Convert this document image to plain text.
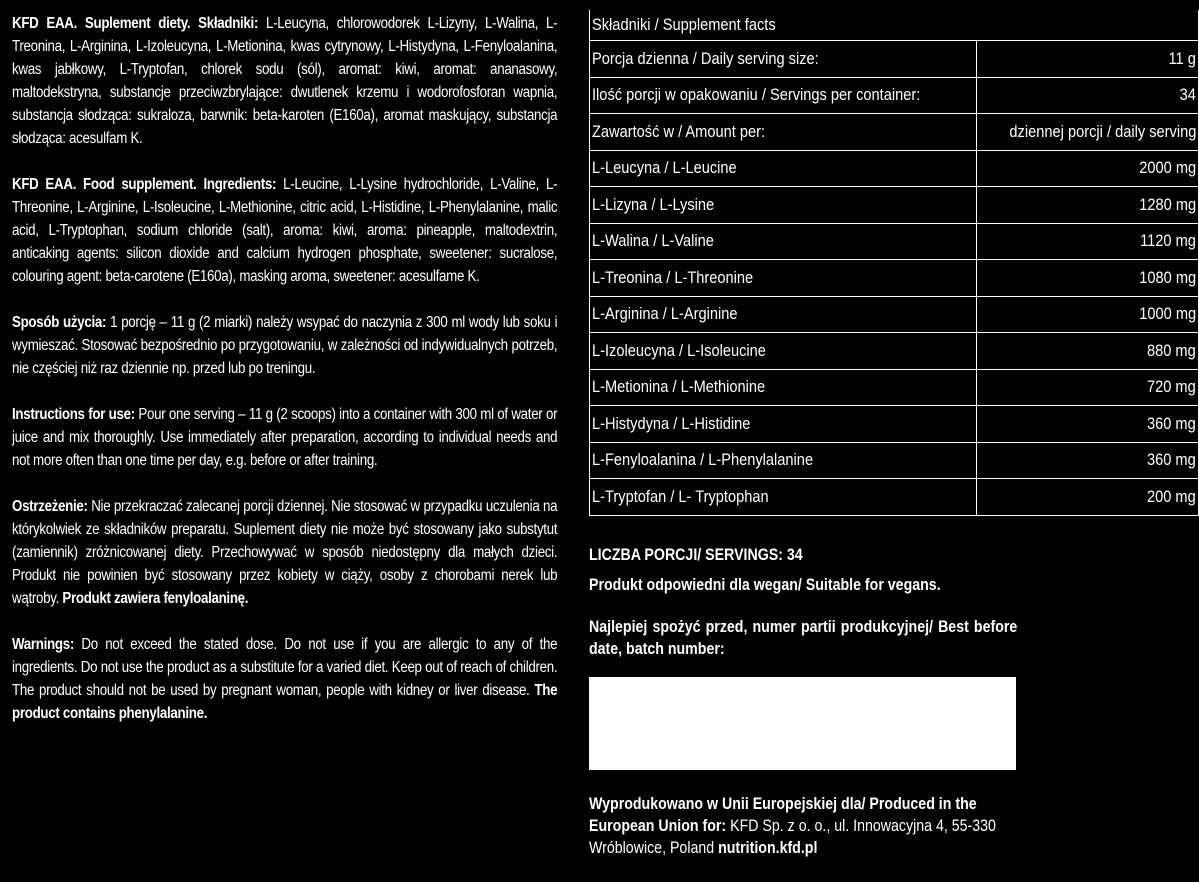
KFD EAA. Suplement diety. Składniki: L-Leucyna, chlorowodorek L-Lizyny, L-Walina, L-Treonina, L-Arginina, L-Izoleucyna, L-Metionina, kwas cytrynowy, L-Histydyna, L-Fenyloalanina, kwas jabłkowy, L-Tryptofan, chlorek sodu (sól), aromat: kiwi, aromat: ananasowy, maltodekstryna, substancje przeciwzbrylające: dwutlenek krzemu i wodorofosforan wapnia, substancja słodząca: sukraloza, barwnik: beta-karoten (E160a), aromat maskujący, substancja słodząca: acesulfam K.

KFD EAA. Food supplement. Ingredients: L-Leucine, L-Lysine hydrochloride, L-Valine, L-Threonine, L-Arginine, L-Isoleucine, L-Methionine, citric acid, L-Histidine, L-Phenylalanine, malic acid, L-Tryptophan, sodium chloride (salt), aroma: kiwi, aroma: pineapple, maltodextrin, anticaking agents: silicon dioxide and calcium hydrogen phosphate, sweetener: sucralose, colouring agent: beta-carotene (E160a), masking aroma, sweetener: acesulfame K.

Sposób użycia: 1 porcję – 11 g (2 miarki) należy wsypać do naczynia z 300 ml wody lub soku i wymieszać. Stosować bezpośrednio po przygotowaniu, w zależności od indywidualnych potrzeb, nie częściej niż raz dziennie np. przed lub po treningu.

Instructions for use: Pour one serving – 11 g (2 scoops) into a container with 300 ml of water or juice and mix thoroughly. Use immediately after preparation, according to individual needs and not more often than one time per day, e.g. before or after training.

Ostrzeżenie: Nie przekraczać zalecanej porcji dziennej. Nie stosować w przypadku uczulenia na którykolwiek ze składników preparatu. Suplement diety nie może być stosowany jako substytut (zamiennik) zróżnicowanej diety. Przechowywać w sposób niedostępny dla małych dzieci. Produkt nie powinien być stosowany przez kobiety w ciąży, osoby z chorobami nerek lub wątroby. Produkt zawiera fenyloalaninę.

Warnings: Do not exceed the stated dose. Do not use if you are allergic to any of the ingredients. Do not use the product as a substitute for a varied diet. Keep out of reach of children. The product should not be used by pregnant woman, people with kidney or liver disease. The product contains phenylalanine.

Składniki / Supplement facts	
Porcja dzienna / Daily serving size:	11 g
Ilość porcji w opakowaniu / Servings per container:	34
Zawartość w / Amount per:	dziennej porcji / daily serving
L-Leucyna / L-Leucine	2000 mg
L-Lizyna / L-Lysine	1280 mg
L-Walina / L-Valine	1120 mg
L-Treonina / L-Threonine	1080 mg
L-Arginina / L-Arginine	1000 mg
L-Izoleucyna / L-Isoleucine	880 mg
L-Metionina / L-Methionine	720 mg
L-Histydyna / L-Histidine	360 mg
L-Fenyloalanina / L-Phenylalanine	360 mg
L-Tryptofan / L- Tryptophan	200 mg

LICZBA PORCJI/ SERVINGS: 34

Produkt odpowiedni dla wegan/ Suitable for vegans.

Najlepiej spożyć przed, numer partii produkcyjnej/ Best before date, batch number:

Wyprodukowano w Unii Europejskiej dla/ Produced in the European Union for: KFD Sp. z o. o., ul. Innowacyjna 4, 55-330 Wróblowice, Poland nutrition.kfd.pl
